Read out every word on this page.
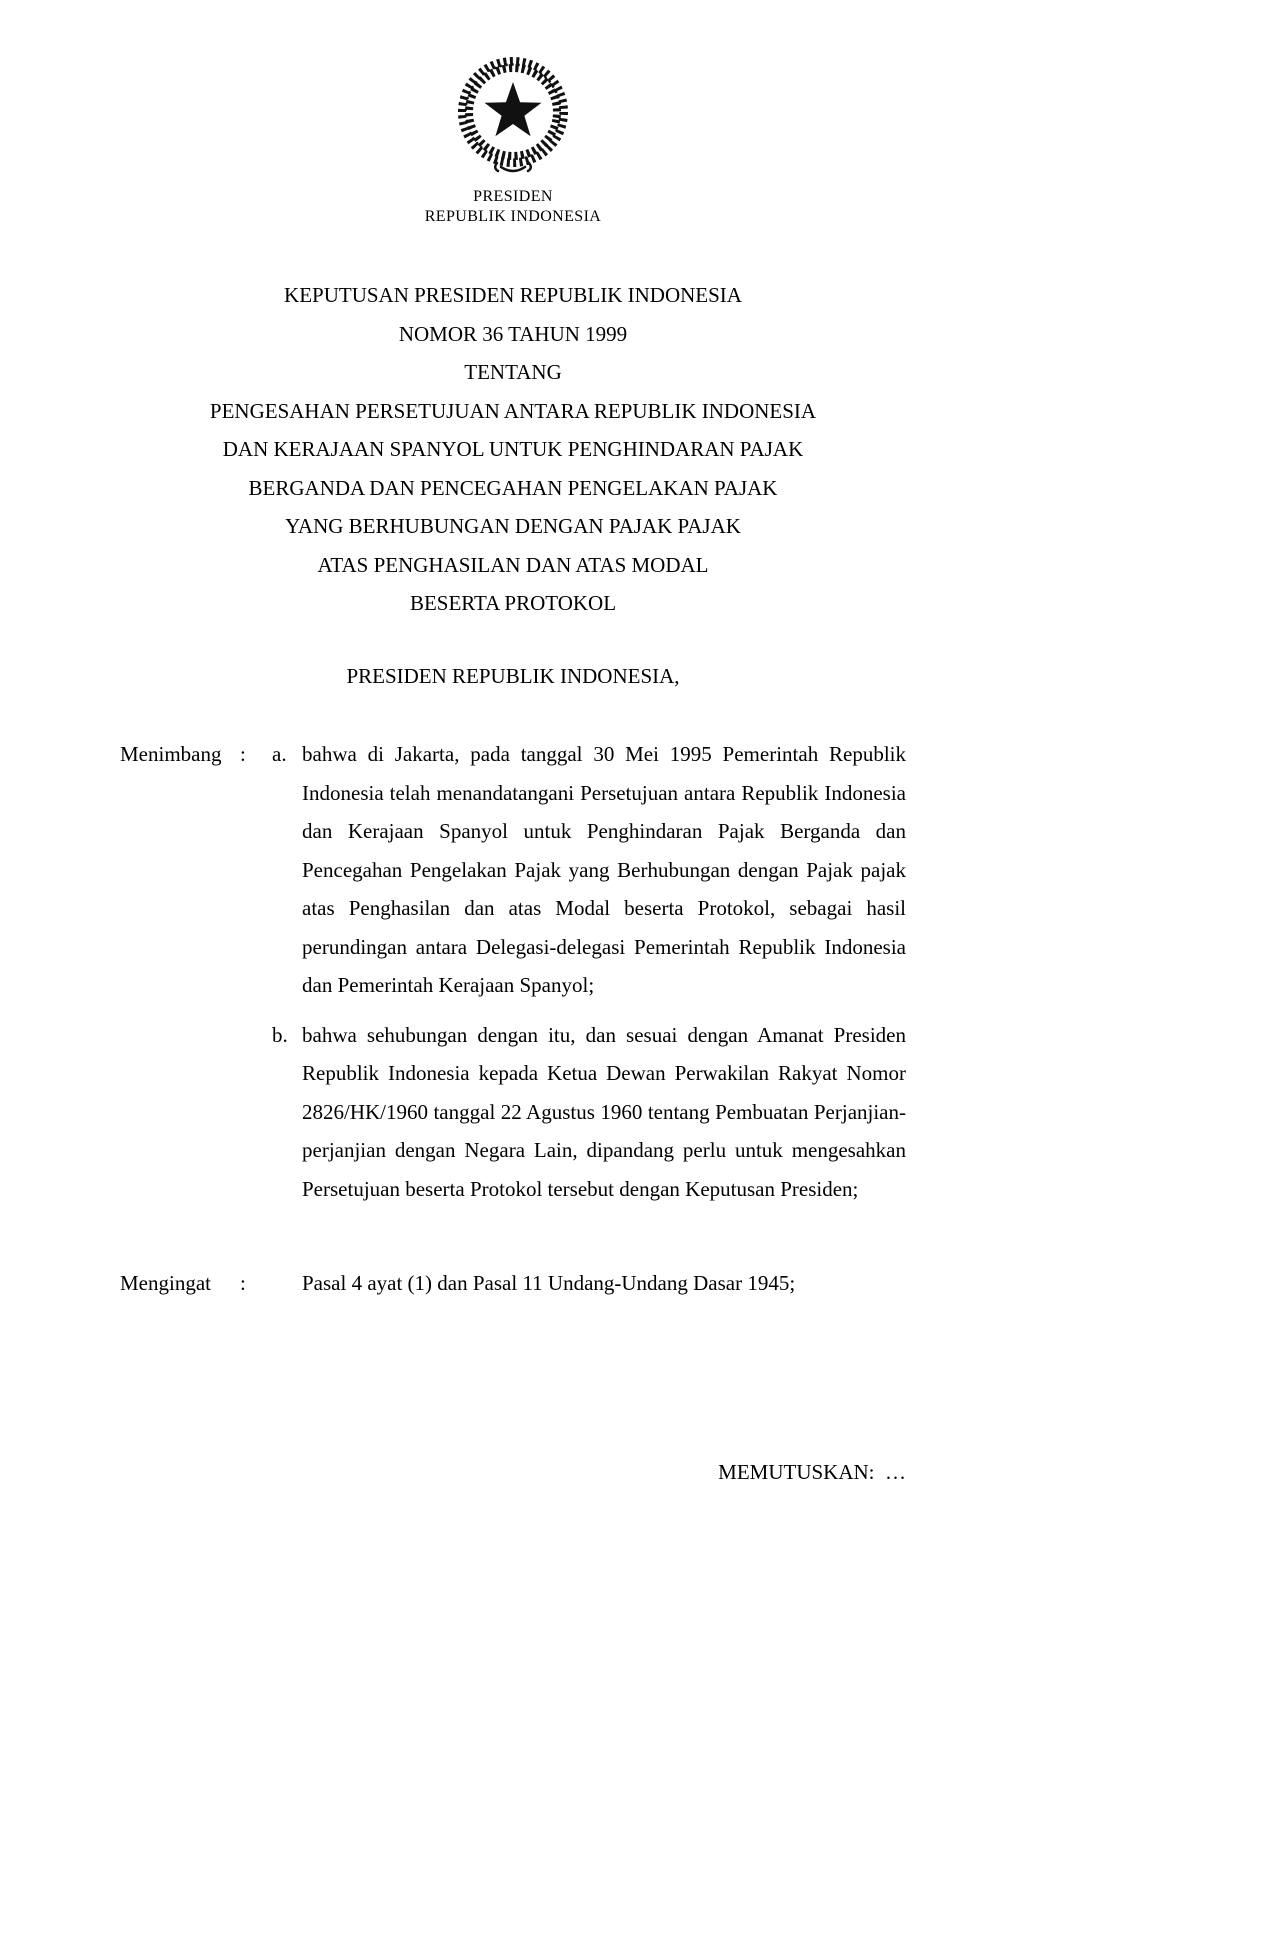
PRESIDEN
REPUBLIK INDONESIA
KEPUTUSAN PRESIDEN REPUBLIK INDONESIA
NOMOR 36 TAHUN 1999
TENTANG
PENGESAHAN PERSETUJUAN ANTARA REPUBLIK INDONESIA
DAN KERAJAAN SPANYOL UNTUK PENGHINDARAN PAJAK
BERGANDA DAN PENCEGAHAN PENGELAKAN PAJAK
YANG BERHUBUNGAN DENGAN PAJAK PAJAK
ATAS PENGHASILAN DAN ATAS MODAL
BESERTA PROTOKOL
PRESIDEN REPUBLIK INDONESIA,
Menimbang :	a. bahwa di Jakarta, pada tanggal 30 Mei 1995 Pemerintah Republik Indonesia telah menandatangani Persetujuan antara Republik Indonesia dan Kerajaan Spanyol untuk Penghindaran Pajak Berganda dan Pencegahan Pengelakan Pajak yang Berhubungan dengan Pajak pajak atas Penghasilan dan atas Modal beserta Protokol, sebagai hasil perundingan antara Delegasi-delegasi Pemerintah Republik Indonesia dan Pemerintah Kerajaan Spanyol;
b. bahwa sehubungan dengan itu, dan sesuai dengan Amanat Presiden Republik Indonesia kepada Ketua Dewan Perwakilan Rakyat Nomor 2826/HK/1960 tanggal 22 Agustus 1960 tentang Pembuatan Perjanjian-perjanjian dengan Negara Lain, dipandang perlu untuk mengesahkan Persetujuan beserta Protokol tersebut dengan Keputusan Presiden;
Mengingat	:	Pasal 4 ayat (1) dan Pasal 11 Undang-Undang Dasar 1945;
MEMUTUSKAN:  …
